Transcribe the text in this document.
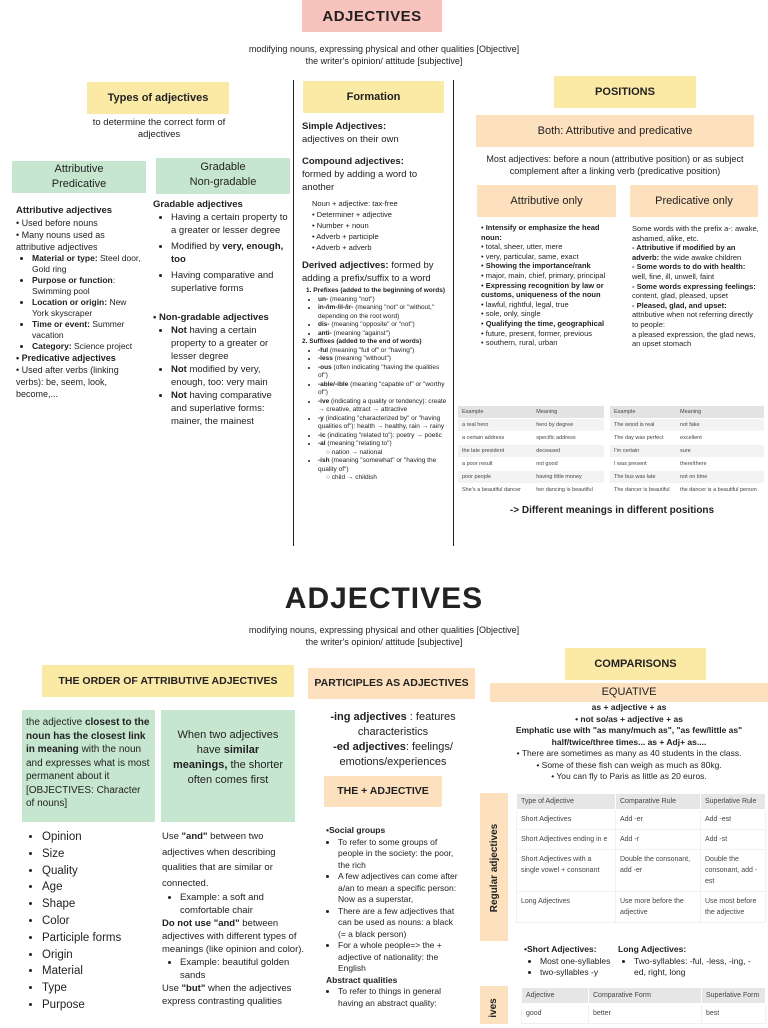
ADJECTIVES
modifying nouns, expressing physical and other qualities [Objective]
the writer's opinion/ attitude [subjective]
Types of adjectives
to determine the correct form of adjectives
Attributive
Predicative
Gradable
Non-gradable
Attributive adjectives
• Used before nouns
• Many nouns used as attributive adjectives
• Material or type: Steel door, Gold ring
• Purpose or function: Swimming pool
• Location or origin: New York skyscraper
• Time or event: Summer vacation
• Category: Science project
• Predicative adjectives
• Used after verbs (linking verbs): be, seem, look, become,...
Gradable adjectives
• Having a certain property to a greater or lesser degree
• Modified by very, enough, too
• Having comparative and superlative forms
• Non-gradable adjectives
• Not having a certain property to a greater or lesser degree
• Not modified by very, enough, too: very main
• Not having comparative and superlative forms: mainer, the mainest
Formation
Simple Adjectives:
adjectives on their own
Compound adjectives:
formed by adding a word to another
Noun + adjective: tax-free
• Determiner + adjective
• Number + noun
• Adverb + participle
• Adverb + adverb
Derived adjectives: formed by adding a prefix/suffix to a word
1. Prefixes (added to the beginning of words)
• un- (meaning "not")
• in-/im-/il-/ir- (meaning "not" or "without," depending on the root word)
• dis- (meaning "opposite" or "not")
• anti- (meaning "against")
2. Suffixes (added to the end of words)
• -ful (meaning "full of" or "having")
• -less (meaning "without")
• -ous (often indicating "having the qualities of")
• -able/-ible (meaning "capable of" or "worthy of")
• -ive (indicating a quality or tendency): create → creative, attract → attractive
• -y (indicating "characterized by" or "having qualities of"): health → healthy, rain → rainy
• -ic (indicating "related to"): poetry → poetic
• -al (meaning "relating to")
○ nation → national
• -ish (meaning "somewhat" or "having the quality of")
○ child → childish
POSITIONS
Both: Attributive and predicative
Most adjectives: before a noun (attributive position) or as subject complement after a linking verb (predicative position)
Attributive only	Predicative only
• Intensify or emphasize the head noun:
• total, sheer, utter, mere
• very, particular, same, exact
• Showing the importance/rank
• major, main, chief, primary, principal
• Expressing recognition by law or customs, uniqueness of the noun
• lawful, rightful, legal, true
• sole, only, single
• Qualifying the time, geographical
• future, present, former, previous
• southern, rural, urban
Some words with the prefix a-: awake, ashamed, alike, etc.
- Attributive if modified by an adverb: the wide awake children
- Some words to do with health: well, fine, ill, unwell, faint
- Some words expressing feelings: content, glad, pleased, upset
- Pleased, glad, and upset: attributive when not referring directly to people:
a pleased expression, the glad news, an upset stomach
Example	Meaning
a real hero	hero by degree
a certain address	specific address
the late president	deceased
a poor result	not good
poor people	having little money
She's a beautiful dancer	her dancing is beautiful
Example	Meaning
The wood is real	not fake
The day was perfect	excellent
I'm certain	sure
I was present	there/there
The bus was late	not on time
The dancer is beautiful	the dancer is a beautiful person
-> Different meanings in different positions
ADJECTIVES
modifying nouns, expressing physical and other qualities [Objective]
the writer's opinion/ attitude [subjective]
THE ORDER OF ATTRIBUTIVE ADJECTIVES
the adjective closest to the noun has the closest link in meaning with the noun and expresses what is most permanent about it [OBJECTIVES: Character of nouns]
When two adjectives have similar meanings, the shorter often comes first
• Opinion
• Size
• Quality
• Age
• Shape
• Color
• Participle forms
• Origin
• Material
• Type
• Purpose
Use "and" between two adjectives when describing qualities that are similar or connected.
• Example: a soft and comfortable chair
Do not use "and" between adjectives with different types of meanings (like opinion and color).
• Example: beautiful golden sands
Use "but" when the adjectives express contrasting qualities
PARTICIPLES AS ADJECTIVES
-ing adjectives : features characteristics
-ed adjectives: feelings/ emotions/experiences
THE + ADJECTIVE
•Social groups
• To refer to some groups of people in the society: the poor, the rich
• A few adjectives can come after a/an to mean a specific person: Now as a superstar,
• There are a few adjectives that can be used as nouns: a black (= a black person)
• For a whole people=> the + adjective of nationality: the English
Abstract qualities
• To refer to things in general having an abstract quality:
COMPARISONS
EQUATIVE
as + adjective + as
• not so/as + adjective + as
Emphatic use with "as many/much as", "as few/little as"
half/twice/three times... as + Adj+ as....
• There are sometimes as many as 40 students in the class.
• Some of these fish can weigh as much as 80kg.
• You can fly to Paris as little as 20 euros.
Regular adjectives
Type of Adjective	Comparative Rule	Superlative Rule
Short Adjectives	Add -er	Add -est
Short Adjectives ending in e	Add -r	Add -st
Short Adjectives with a single vowel + consonant	Double the consonant, add -er	Double the consonant, add -est
Long Adjectives	Use more before the adjective	Use most before the adjective
•Short Adjectives:
• Most one-syllables
• two-syllables -y
Long Adjectives:
• Two-syllables: -ful, -less, -ing, -ed, right, long
ives
Adjective	Comparative Form	Superlative Form
good	better	best
